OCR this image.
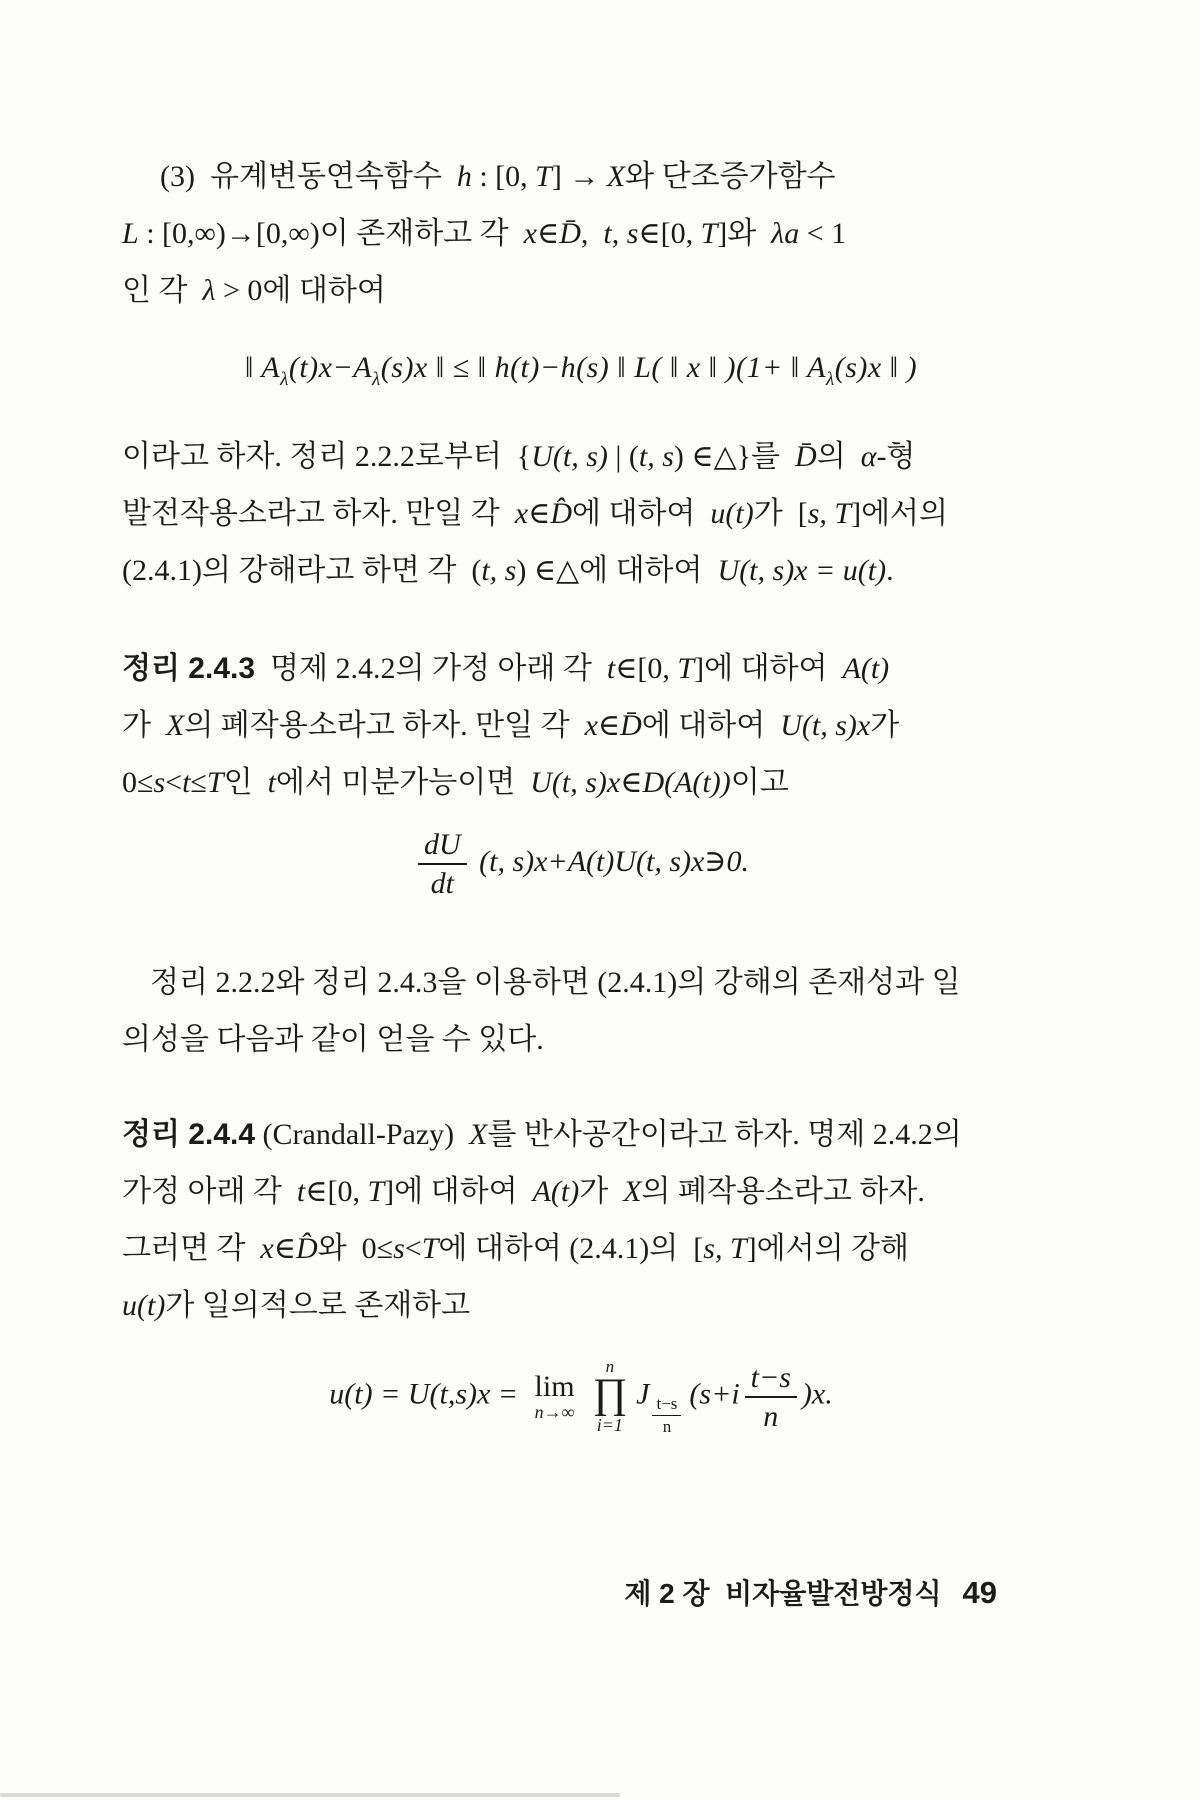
(3)  유계변동연속함수  h : [0, T] → X와 단조증가함수
L : [0,∞)→[0,∞)이 존재하고 각  x∈D̄,  t, s∈[0, T]와  λa < 1
인 각  λ > 0에 대하여
‖ $A_\lambda(t)x-A_\lambda(s)x$ ‖ ≤ ‖ h(t)−h(s) ‖ L( ‖ x ‖ )(1+ ‖ $A_\lambda(s)x$ ‖ )
이라고 하자. 정리 2.2.2로부터  {U(t, s) | (t, s) ∈△}를  D̄의  α-형
발전작용소라고 하자. 만일 각  x∈D̂에 대하여  u(t)가  [s, T]에서의
(2.4.1)의 강해라고 하면 각  (t, s) ∈△에 대하여  U(t, s)x = u(t).
정리 2.4.3  명제 2.4.2의 가정 아래 각  t∈[0, T]에 대하여  A(t)
가  X의 폐작용소라고 하자. 만일 각  x∈D̄에 대하여  U(t, s)x가
0≤s<t≤T인  t에서 미분가능이면  U(t, s)x∈D(A(t))이고
$\frac{dU}{dt} (t$, s)x+A(t)U(t, s)x∋0.
정리 2.2.2와 정리 2.4.3을 이용하면 (2.4.1)의 강해의 존재성과 일
의성을 다음과 같이 얻을 수 있다.
정리 2.4.4 (Crandall-Pazy)  X를 반사공간이라고 하자. 명제 2.4.2의
가정 아래 각  t∈[0, T]에 대하여  A(t)가  X의 폐작용소라고 하자.
그러면 각  x∈D̂와  0≤s<T에 대하여 (2.4.1)의  [s, T]에서의 강해
u(t)가 일의적으로 존재하고
u(t) = U(t,s)x = lim
n→∞
n
∏
i=1
J
$\frac{t-s}{n}$
$(s+i \frac{t-s}{n} )x$.
제 2 장  비자율발전방정식 49
